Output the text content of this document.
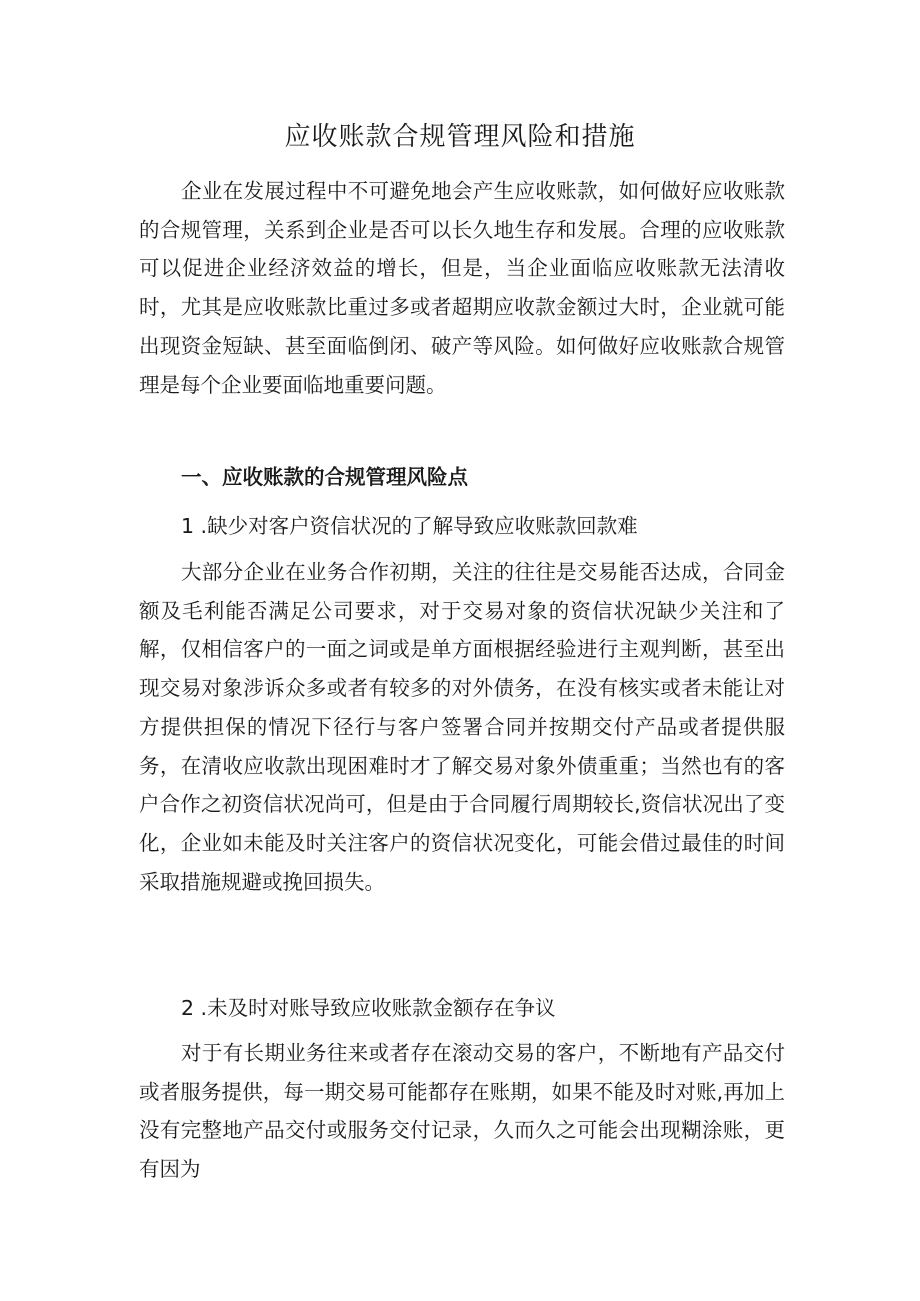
应收账款合规管理风险和措施

企业在发展过程中不可避免地会产生应收账款，如何做好应收账款的合规管理，关系到企业是否可以长久地生存和发展。合理的应收账款可以促进企业经济效益的增长，但是，当企业面临应收账款无法清收时，尤其是应收账款比重过多或者超期应收款金额过大时，企业就可能出现资金短缺、甚至面临倒闭、破产等风险。如何做好应收账款合规管理是每个企业要面临地重要问题。

一、应收账款的合规管理风险点

1 .缺少对客户资信状况的了解导致应收账款回款难

大部分企业在业务合作初期，关注的往往是交易能否达成，合同金额及毛利能否满足公司要求，对于交易对象的资信状况缺少关注和了解，仅相信客户的一面之词或是单方面根据经验进行主观判断，甚至出现交易对象涉诉众多或者有较多的对外债务，在没有核实或者未能让对方提供担保的情况下径行与客户签署合同并按期交付产品或者提供服务，在清收应收款出现困难时才了解交易对象外债重重；当然也有的客户合作之初资信状况尚可，但是由于合同履行周期较长,资信状况出了变化，企业如未能及时关注客户的资信状况变化，可能会借过最佳的时间采取措施规避或挽回损失。

2 .未及时对账导致应收账款金额存在争议

对于有长期业务往来或者存在滚动交易的客户，不断地有产品交付或者服务提供，每一期交易可能都存在账期，如果不能及时对账,再加上没有完整地产品交付或服务交付记录，久而久之可能会出现糊涂账，更有因为
